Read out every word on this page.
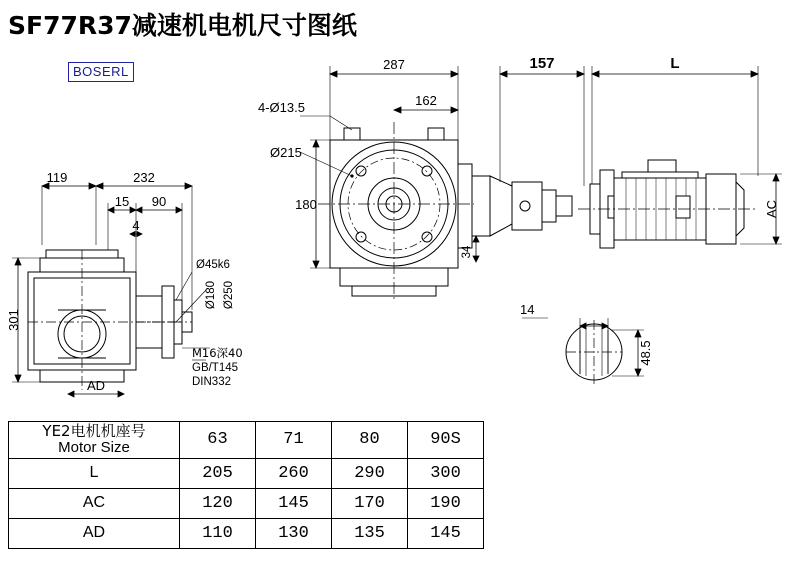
SF77R37减速机电机尺寸图纸
BOSERL
119	232
15 90
4
301
AD
Ø45k6
Ø180 Ø250
M16深40
GB/T145
DIN332
287
162
4-Ø13.5
Ø215
180
34
157	L
AC
14
48.5
YE2电机机座号
Motor Size	63	71	80	90S
L	205	260	290	300
AC	120	145	170	190
AD	110	130	135	145
